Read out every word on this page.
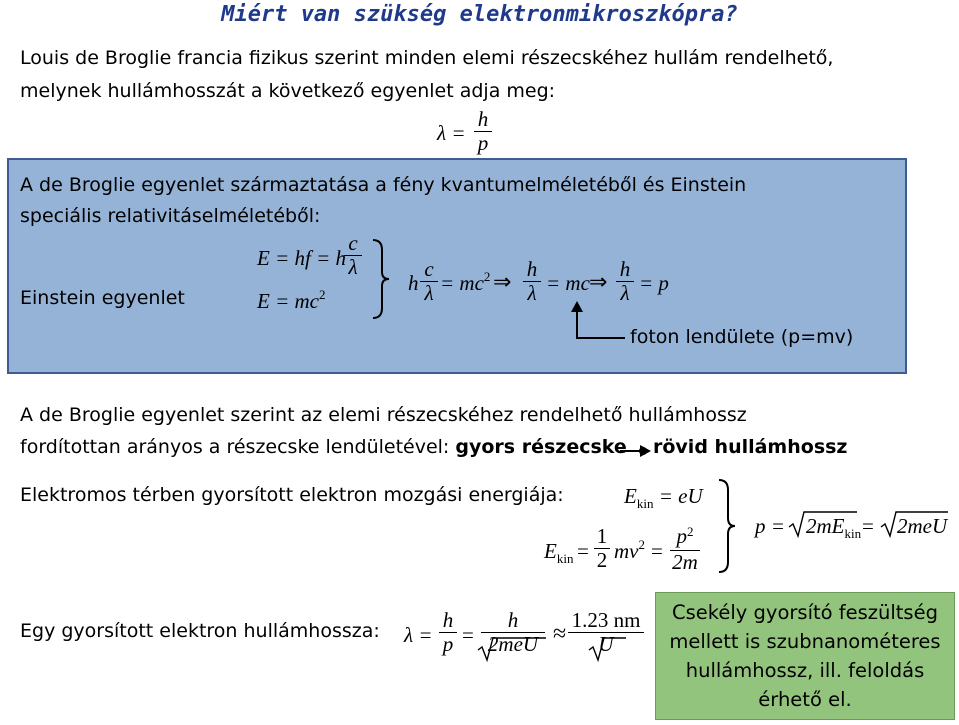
Miért van szükség elektronmikroszkópra?
Louis de Broglie francia fizikus szerint minden elemi részecskéhez hullám rendelhető,
melynek hullámhosszát a következő egyenlet adja meg:
λ =
h
p
A de Broglie egyenlet származtatása a fény kvantumelméletéből és Einstein
speciális relativitáselméletéből:
E = hf = h
c
λ
Einstein egyenlet	$E = mc^2$	h
c
$\lambda = mc^2$ ⇒ h
λ = mc ⇒ h
λ = p
foton lendülete (p=mv)
A de Broglie egyenlet szerint az elemi részecskéhez rendelhető hullámhossz
fordítottan arányos a részecske lendületével: gyors részecske rövid hullámhossz
Elektromos térben gyorsított elektron mozgási energiája:	$E_{kin}$ = eU
$E_{kin}$ =
1
2 $mv^2$ =
$p^2$
2m
$p = 2mE_{kin} = 2meU$
Egy gyorsított elektron hullámhossza: λ =
h
p =
h
2meU ≈
1.23 nm
U
Csekély gyorsító feszültség
mellett is szubnanométeres
hullámhossz, ill. feloldás
érhető el.
